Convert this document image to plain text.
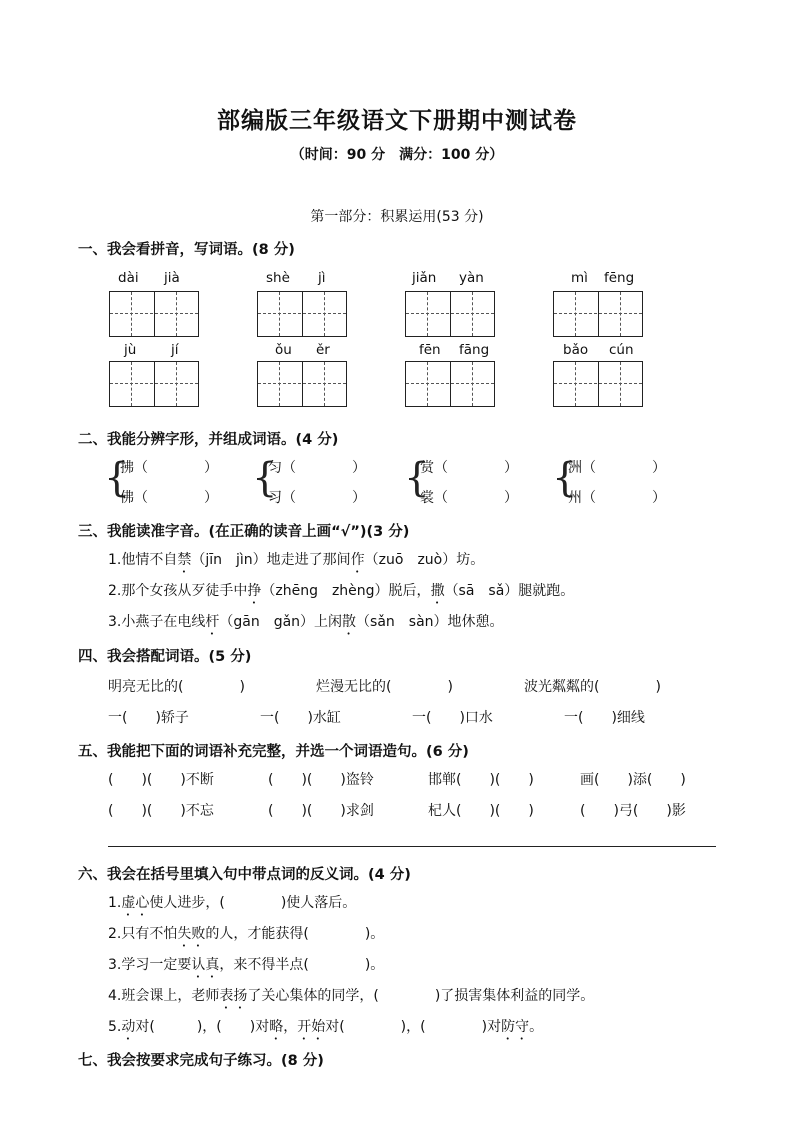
部编版三年级语文下册期中测试卷
（时间：90 分　满分：100 分）
第一部分：积累运用(53 分)
一、我会看拼音，写词语。(8 分)
dài jià	shè jì	jiǎn yàn	mì fēng
jù	jí	ǒu ěr	fēn fāng	bǎo cún
二、我能分辨字形，并组成词语。(4 分)
{
拂（　　　　）
佛（　　　　） {
匀（　　　　）
习（　　　　） {
赏（　　　　）
裳（　　　　） {
洲（　　　　）
州（　　　　）
三、我能读准字音。(在正确的读音上画“√”)(3 分)
1.他情不自禁（jīn　jìn）地走进了那间作（zuō　zuò）坊。
2.那个女孩从歹徒手中挣（zhēng　zhèng）脱后，撒（sā　sǎ）腿就跑。
3.小燕子在电线杆（gān　gǎn）上闲散（sǎn　sàn）地休憩。
四、我会搭配词语。(5 分)
明亮无比的(　　　　)	烂漫无比的(　　　　)	波光粼粼的(　　　　)
一(　　)轿子	一(　　)水缸	一(　　)口水	一(　　)细线
五、我能把下面的词语补充完整，并选一个词语造句。(6 分)
(　　)(　　)不断	(　　)(　　)盗铃	邯郸(　　)(　　)	画(　　)添(　　)
(　　)(　　)不忘	(　　)(　　)求剑	杞人(　　)(　　)	(　　)弓(　　)影
六、我会在括号里填入句中带点词的反义词。(4 分)
1.虚心使人进步，(　　　　)使人落后。
2.只有不怕失败的人，才能获得(　　　　)。
3.学习一定要认真，来不得半点(　　　　)。
4.班会课上，老师表扬了关心集体的同学，(　　　　)了损害集体利益的同学。
5.动对(　　　)，(　　)对略，开始对(　　　　)，(　　　　)对防守。
七、我会按要求完成句子练习。(8 分)
